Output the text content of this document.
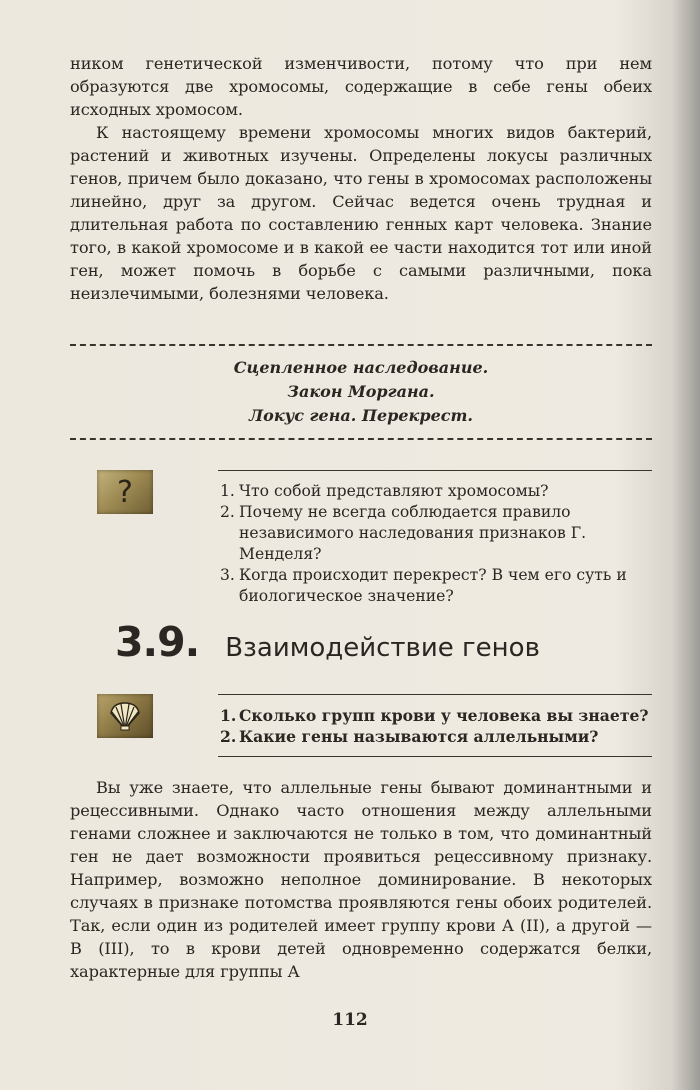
ником генетической изменчивости, потому что при нем образуются две хромосомы, содержащие в себе гены обеих исходных хромосом.

К настоящему времени хромосомы многих видов бактерий, растений и животных изучены. Определены локусы различных генов, причем было доказано, что гены в хромосомах расположены линейно, друг за другом. Сейчас ведется очень трудная и длительная работа по составлению генных карт человека. Знание того, в какой хромосоме и в какой ее части находится тот или иной ген, может помочь в борьбе с самыми различными, пока неизлечимыми, болезнями человека.

Сцепленное наследование.
Закон Моргана.
Локус гена. Перекрест.
?	1. Что собой представляют хромосомы?
2. Почему не всегда соблюдается правило независимого наследования признаков Г. Менделя?
3. Когда происходит перекрест? В чем его суть и биологическое значение?
3.9. Взаимодействие генов
1. Сколько групп крови у человека вы знаете?
2. Какие гены называются аллельными?

Вы уже знаете, что аллельные гены бывают доминантными и рецессивными. Однако часто отношения между аллельными генами сложнее и заключаются не только в том, что доминантный ген не дает возможности проявиться рецессивному признаку. Например, возможно неполное доминирование. В некоторых случаях в признаке потомства проявляются гены обоих родителей. Так, если один из родителей имеет группу крови А (II), а другой — В (III), то в крови детей одновременно содержатся белки, характерные для группы А

112
